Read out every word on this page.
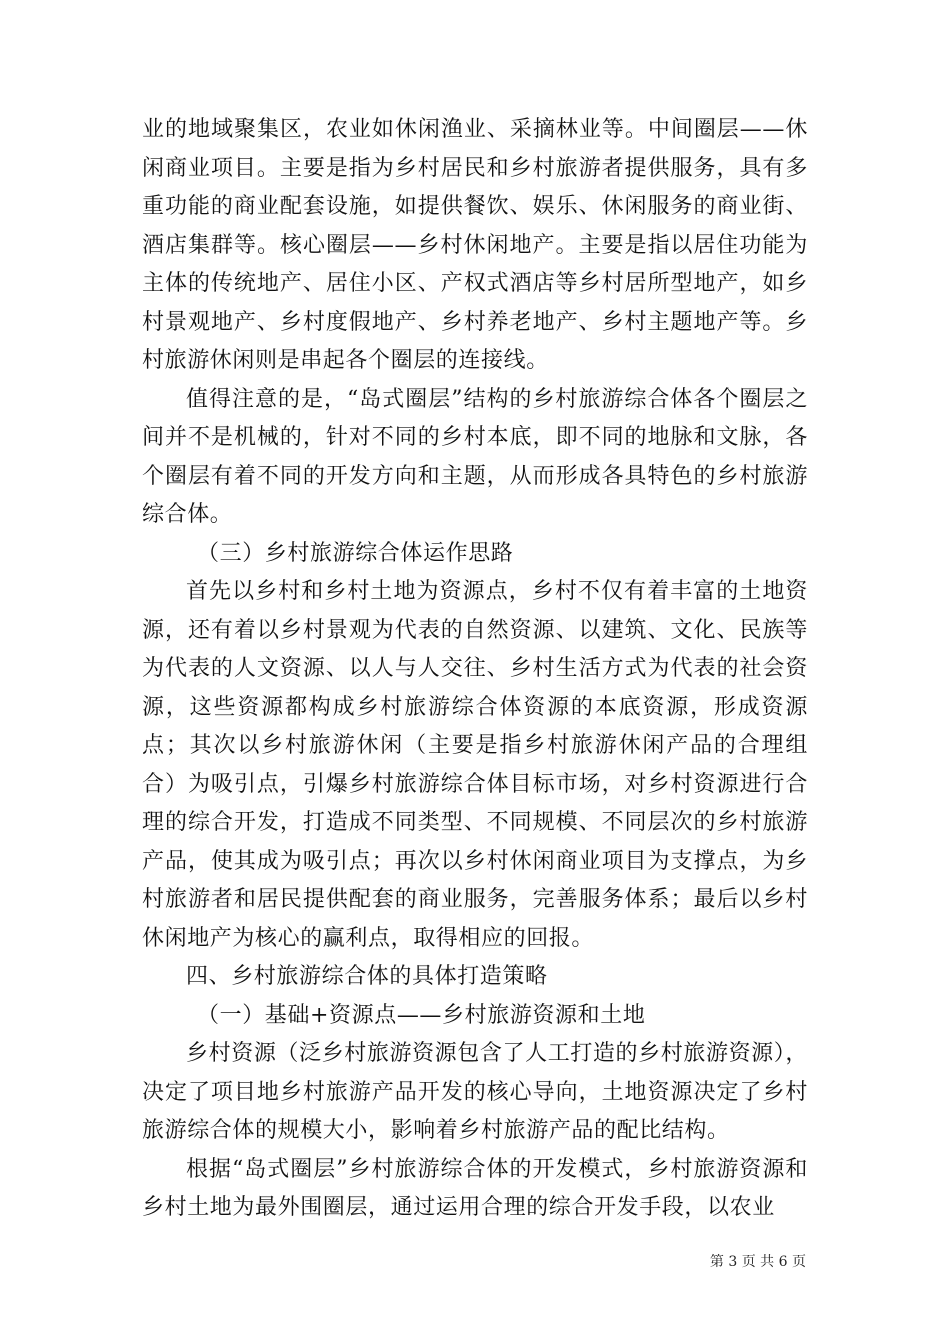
业的地域聚集区，农业如休闲渔业、采摘林业等。中间圈层——休闲商业项目。主要是指为乡村居民和乡村旅游者提供服务，具有多重功能的商业配套设施，如提供餐饮、娱乐、休闲服务的商业街、酒店集群等。核心圈层——乡村休闲地产。主要是指以居住功能为主体的传统地产、居住小区、产权式酒店等乡村居所型地产，如乡村景观地产、乡村度假地产、乡村养老地产、乡村主题地产等。乡村旅游休闲则是串起各个圈层的连接线。

值得注意的是，“岛式圈层”结构的乡村旅游综合体各个圈层之间并不是机械的，针对不同的乡村本底，即不同的地脉和文脉，各个圈层有着不同的开发方向和主题，从而形成各具特色的乡村旅游综合体。

（三）乡村旅游综合体运作思路

首先以乡村和乡村土地为资源点，乡村不仅有着丰富的土地资源，还有着以乡村景观为代表的自然资源、以建筑、文化、民族等为代表的人文资源、以人与人交往、乡村生活方式为代表的社会资源，这些资源都构成乡村旅游综合体资源的本底资源，形成资源点；其次以乡村旅游休闲（主要是指乡村旅游休闲产品的合理组合）为吸引点，引爆乡村旅游综合体目标市场，对乡村资源进行合理的综合开发，打造成不同类型、不同规模、不同层次的乡村旅游产品，使其成为吸引点；再次以乡村休闲商业项目为支撑点，为乡村旅游者和居民提供配套的商业服务，完善服务体系；最后以乡村休闲地产为核心的赢利点，取得相应的回报。

四、乡村旅游综合体的具体打造策略

（一）基础+资源点——乡村旅游资源和土地

乡村资源（泛乡村旅游资源包含了人工打造的乡村旅游资源），决定了项目地乡村旅游产品开发的核心导向，土地资源决定了乡村旅游综合体的规模大小，影响着乡村旅游产品的配比结构。

根据“岛式圈层”乡村旅游综合体的开发模式，乡村旅游资源和乡村土地为最外围圈层，通过运用合理的综合开发手段，以农业

第 3 页 共 6 页
